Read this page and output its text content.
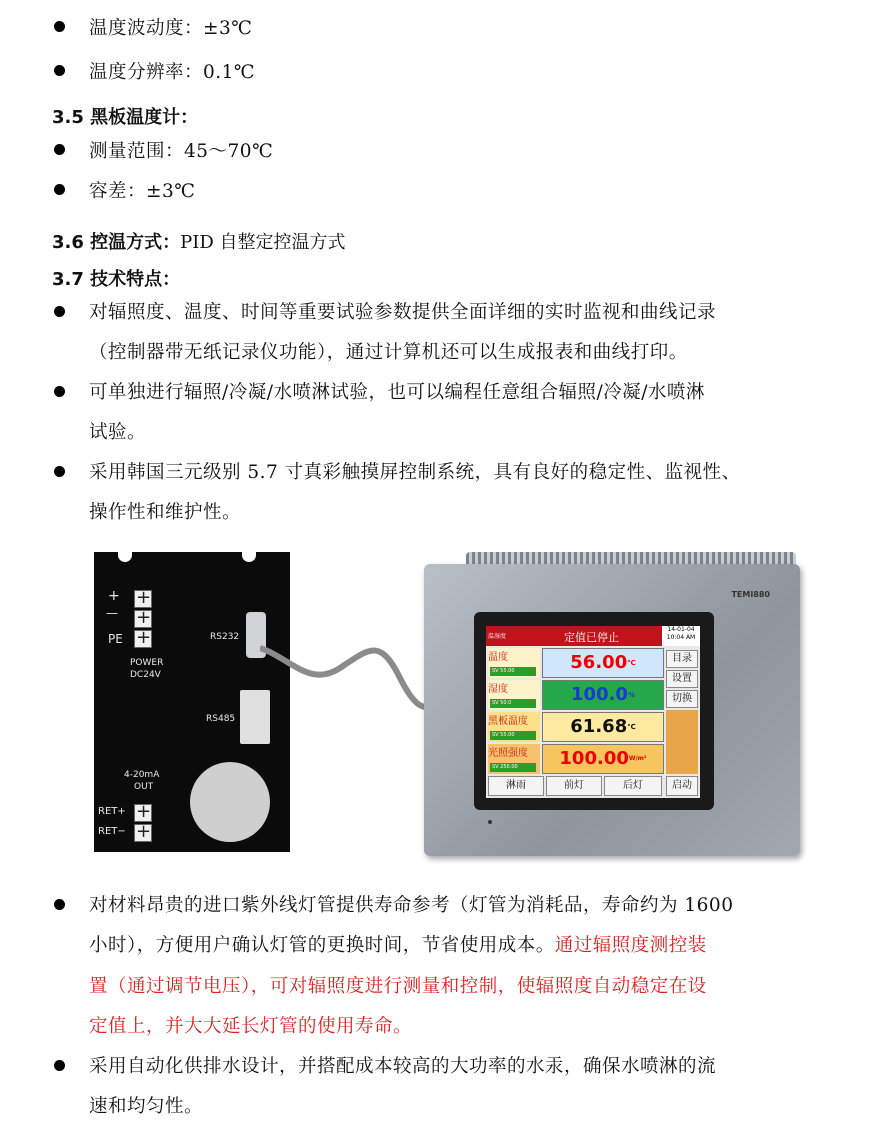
温度波动度：±3℃
温度分辨率：0.1℃
3.5 黑板温度计：
测量范围：45～70℃
容差：±3℃
3.6 控温方式：PID 自整定控温方式
3.7 技术特点：
对辐照度、温度、时间等重要试验参数提供全面详细的实时监视和曲线记录
（控制器带无纸记录仪功能），通过计算机还可以生成报表和曲线打印。
可单独进行辐照/冷凝/水喷淋试验，也可以编程任意组合辐照/冷凝/水喷淋
试验。
采用韩国三元级别 5.7 寸真彩触摸屏控制系统，具有良好的稳定性、监视性、
操作性和维护性。
+
—
PE
+
+
+
POWER
DC24V
RS232
RS485
4-20mA
OUT
RET+
RET−
+
+
TEMI880
温湿度	定值已停止
14-01-04
10:04 AM
温度
SV 55.00	56.00℃
湿度
SV 50.0	100.0%
黑板温度
SV 55.00	61.68℃
光照强度
SV 250.00	$100.00^{W/m^2}$
目录
设置
切换
淋雨	前灯	后灯	启动
对材料昂贵的进口紫外线灯管提供寿命参考（灯管为消耗品，寿命约为 1600
小时），方便用户确认灯管的更换时间，节省使用成本。通过辐照度测控装
置（通过调节电压），可对辐照度进行测量和控制，使辐照度自动稳定在设
定值上，并大大延长灯管的使用寿命。
采用自动化供排水设计，并搭配成本较高的大功率的水汞，确保水喷淋的流
速和均匀性。
